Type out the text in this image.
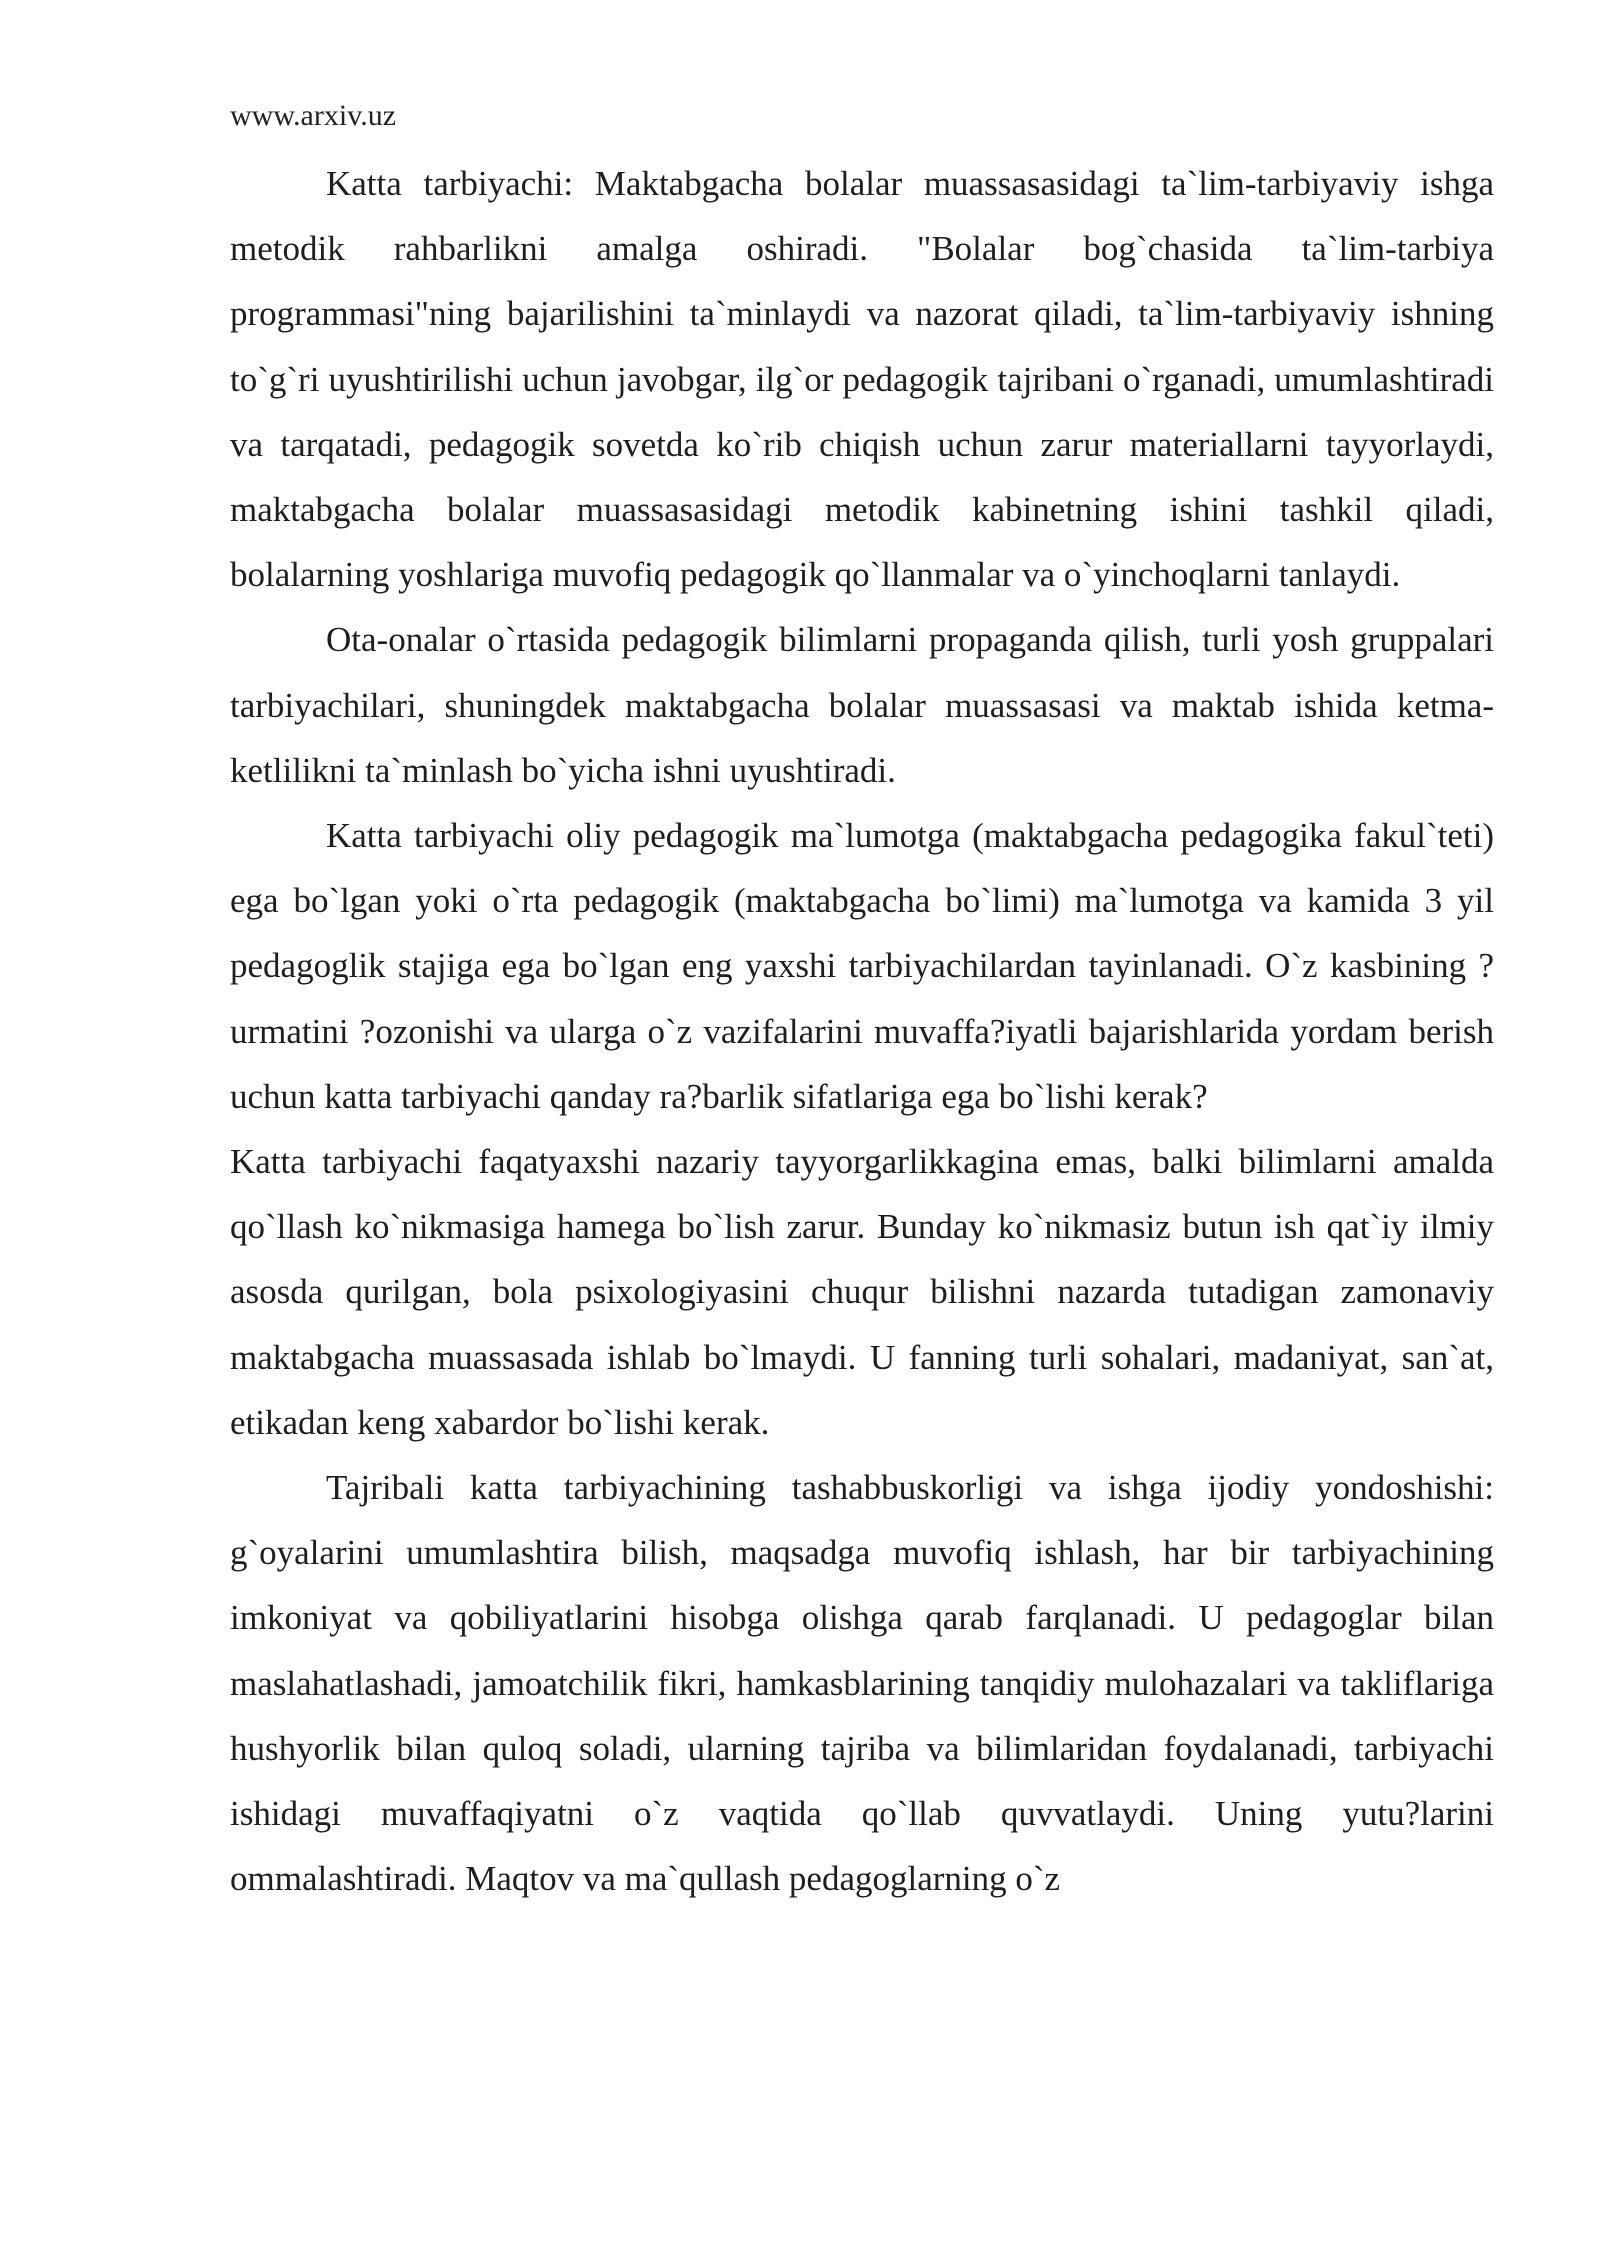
www.arxiv.uz

Katta tarbiyachi: Maktabgacha bolalar muassasasidagi ta`lim-tarbiyaviy ishga metodik rahbarlikni amalga oshiradi. "Bolalar bog`chasida ta`lim-tarbiya programmasi"ning bajarilishini ta`minlaydi va nazorat qiladi, ta`lim-tarbiyaviy ishning to`g`ri uyushtirilishi uchun javobgar, ilg`or pedagogik tajribani o`rganadi, umumlashtiradi va tarqatadi, pedagogik sovetda ko`rib chiqish uchun zarur materiallarni tayyorlaydi, maktabgacha bolalar muassasasidagi metodik kabinetning ishini tashkil qiladi, bolalarning yoshlariga muvofiq pedagogik qo`llanmalar va o`yinchoqlarni tanlaydi.

Ota-onalar o`rtasida pedagogik bilimlarni propaganda qilish, turli yosh gruppalari tarbiyachilari, shuningdek maktabgacha bolalar muassasasi va maktab ishida ketma-ketlilikni ta`minlash bo`yicha ishni uyushtiradi.

Katta tarbiyachi oliy pedagogik ma`lumotga (maktabgacha pedagogika fakul`teti) ega bo`lgan yoki o`rta pedagogik (maktabgacha bo`limi) ma`lumotga va kamida 3 yil pedagoglik stajiga ega bo`lgan eng yaxshi tarbiyachilardan tayinlanadi. O`z kasbining ?urmatini ?ozonishi va ularga o`z vazifalarini muvaffa?iyatli bajarishlarida yordam berish uchun katta tarbiyachi qanday ra?barlik sifatlariga ega bo`lishi kerak?

Katta tarbiyachi faqatyaxshi nazariy tayyorgarlikkagina emas, balki bilimlarni amalda qo`llash ko`nikmasiga hamega bo`lish zarur. Bunday ko`nikmasiz butun ish qat`iy ilmiy asosda qurilgan, bola psixologiyasini chuqur bilishni nazarda tutadigan zamonaviy maktabgacha muassasada ishlab bo`lmaydi. U fanning turli sohalari, madaniyat, san`at, etikadan keng xabardor bo`lishi kerak.

Tajribali katta tarbiyachining tashabbuskorligi va ishga ijodiy yondoshishi: g`oyalarini umumlashtira bilish, maqsadga muvofiq ishlash, har bir tarbiyachining imkoniyat va qobiliyatlarini hisobga olishga qarab farqlanadi. U pedagoglar bilan maslahatlashadi, jamoatchilik fikri, hamkasblarining tanqidiy mulohazalari va takliflariga hushyorlik bilan quloq soladi, ularning tajriba va bilimlaridan foydalanadi, tarbiyachi ishidagi muvaffaqiyatni o`z vaqtida qo`llab quvvatlaydi. Uning yutu?larini ommalashtiradi. Maqtov va ma`qullash pedagoglarning o`z
